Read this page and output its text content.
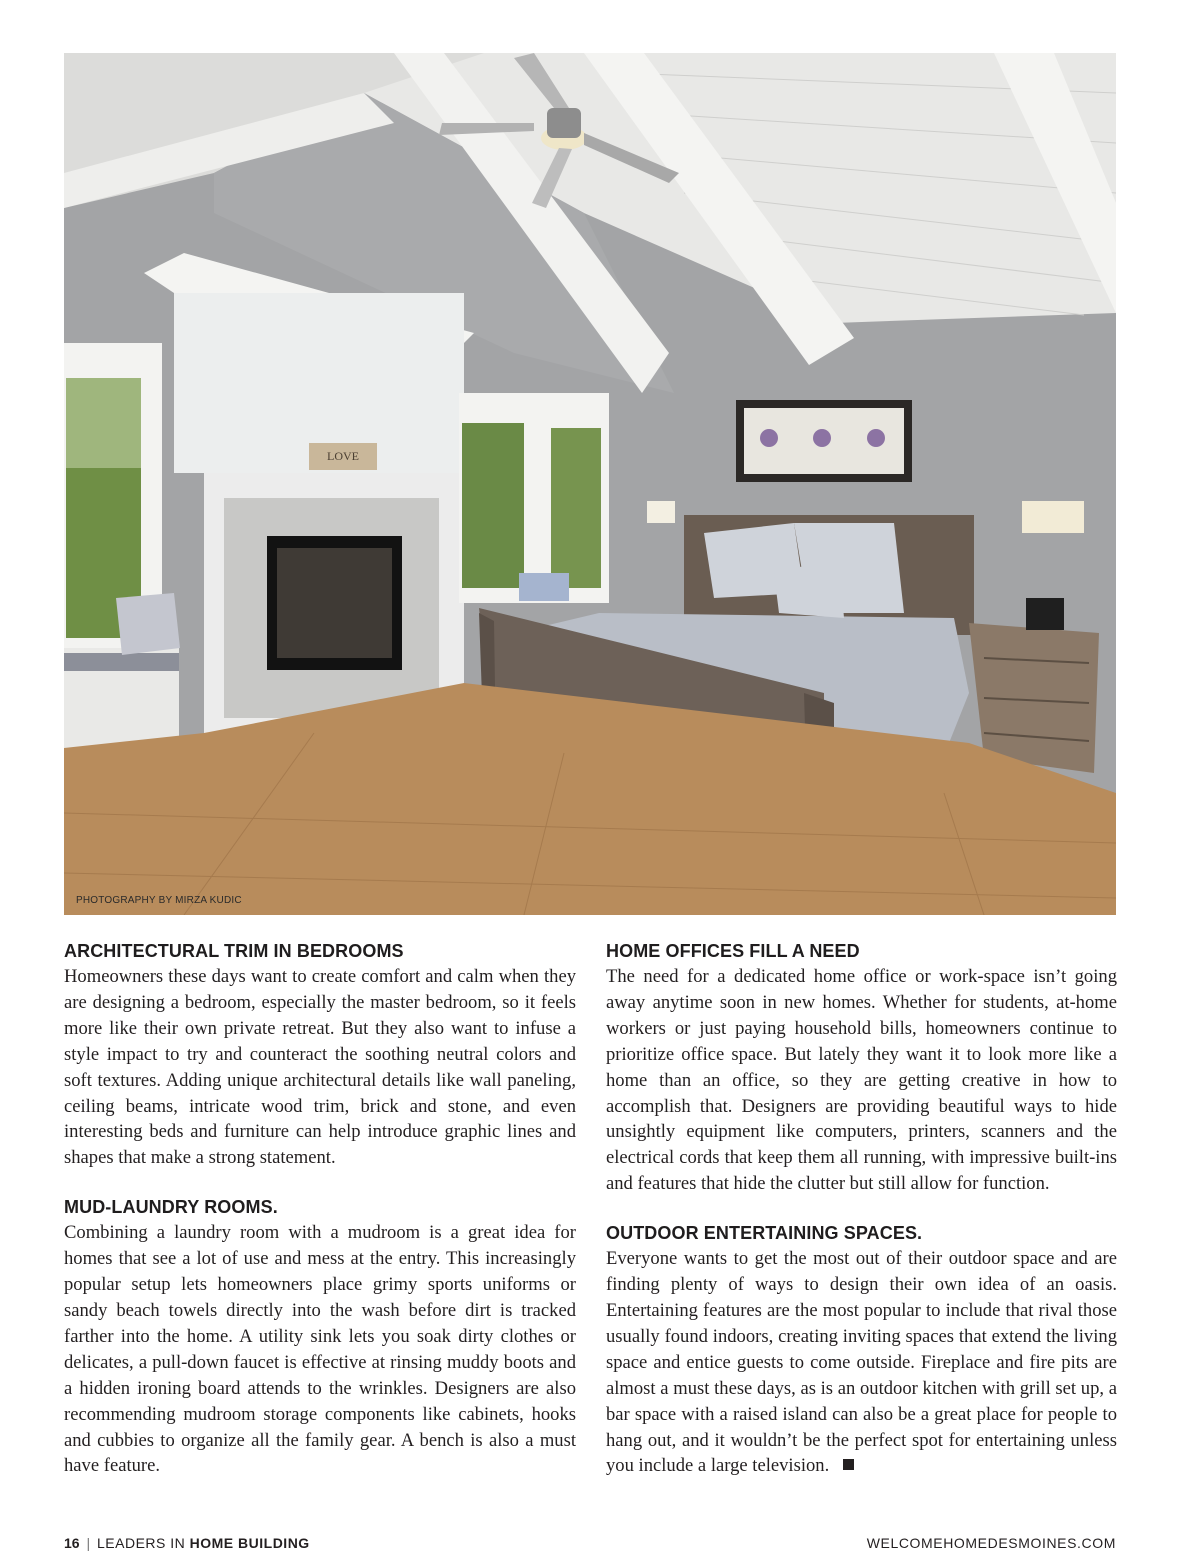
LOVE
PHOTOGRAPHY BY MIRZA KUDIC
ARCHITECTURAL TRIM IN BEDROOMS

Homeowners these days want to create comfort and calm when they are designing a bedroom, especially the master bedroom, so it feels more like their own private retreat. But they also want to infuse a style impact to try and counteract the soothing neutral colors and soft textures. Adding unique architectural details like wall paneling, ceiling beams, intricate wood trim, brick and stone, and even interesting beds and furniture can help introduce graphic lines and shapes that make a strong statement.

MUD-LAUNDRY ROOMS.

Combining a laundry room with a mudroom is a great idea for homes that see a lot of use and mess at the entry. This increasingly popular setup lets homeowners place grimy sports uniforms or sandy beach towels directly into the wash before dirt is tracked farther into the home. A utility sink lets you soak dirty clothes or delicates, a pull-down faucet is effective at rinsing muddy boots and a hidden ironing board attends to the wrinkles. Designers are also recommending mudroom storage components like cabinets, hooks and cubbies to organize all the family gear. A bench is also a must have feature.

HOME OFFICES FILL A NEED

The need for a dedicated home office or work-space isn’t going away anytime soon in new homes. Whether for students, at-home workers or just paying household bills, homeowners continue to prioritize office space. But lately they want it to look more like a home than an office, so they are getting creative in how to accomplish that. Designers are providing beautiful ways to hide unsightly equipment like computers, printers, scanners and the electrical cords that keep them all running, with impressive built-ins and features that hide the clutter but still allow for function.

OUTDOOR ENTERTAINING SPACES.

Everyone wants to get the most out of their outdoor space and are finding plenty of ways to design their own idea of an oasis. Entertaining features are the most popular to include that rival those usually found indoors, creating inviting spaces that extend the living space and entice guests to come outside. Fireplace and fire pits are almost a must these days, as is an outdoor kitchen with grill set up, a bar space with a raised island can also be a great place for people to hang out, and it wouldn’t be the perfect spot for entertaining unless you include a large television.

16 | LEADERS IN HOME BUILDING	WELCOMEHOMEDESMOINES.COM
